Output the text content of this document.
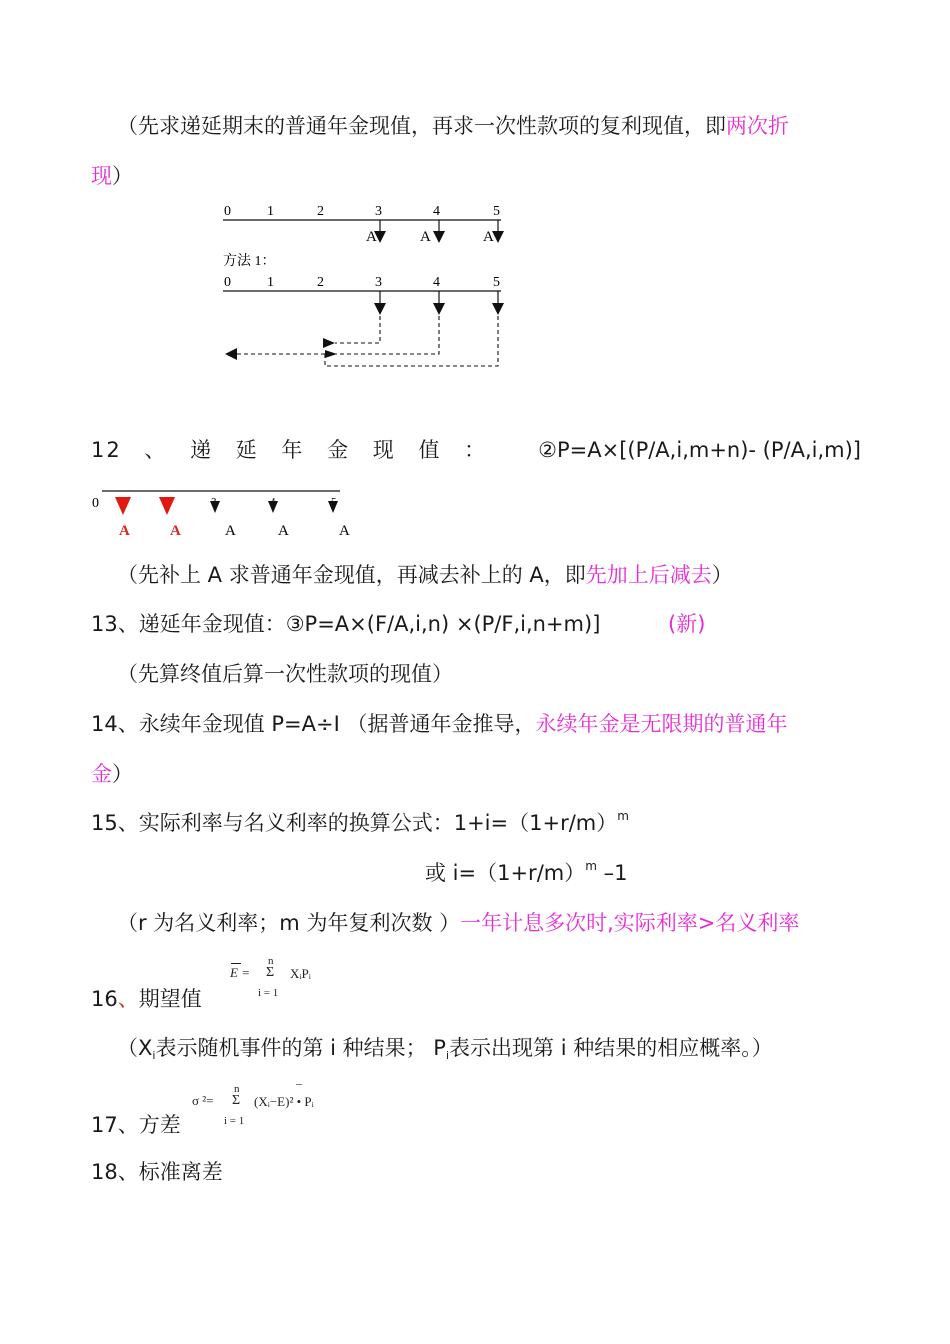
（先求递延期末的普通年金现值，再求一次性款项的复利现值，即两次折
现）
0	1	2	3	4	5
A	A	A
方法 1：
0	1	2	3	4	5
12 、 递 延 年 金 现 值 ： ②P=A×[(P/A,i,m+n)- (P/A,i,m)]
0
A	A	A	A	A
（先补上 A 求普通年金现值，再减去补上的 A，即先加上后减去）
13、递延年金现值：③P=A×(F/A,i,n) ×(P/F,i,n+m)]	(新)
（先算终值后算一次性款项的现值）
14、永续年金现值 P=A÷I （据普通年金推导，永续年金是无限期的普通年
金）
15、实际利率与名义利率的换算公式：$1+i=(1+r/m)^m$
或 $i=(1+r/m)^m$ –1
（r 为名义利率；m 为年复利次数 ）一年计息多次时,实际利率>名义利率
E =
n
Σ
i = 1
XᵢPᵢ
16、期望值
（Xi表示随机事件的第 i 种结果； Pi表示出现第 i 种结果的相应概率。）
σ ²=
n
Σ
i = 1
–
(Xᵢ−E)² • Pᵢ
17、方差
18、标准离差
